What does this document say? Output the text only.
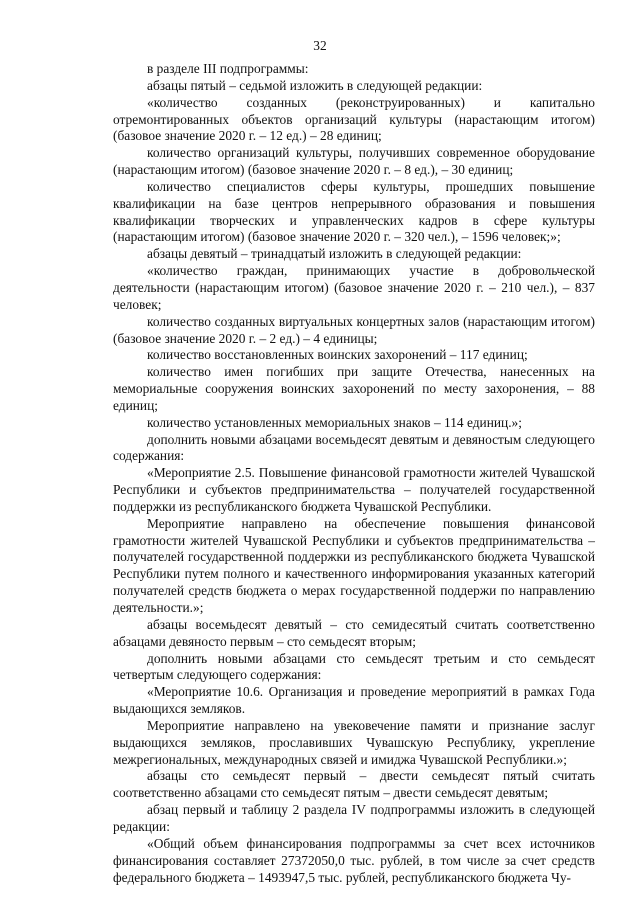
32

в разделе III подпрограммы:

абзацы пятый – седьмой изложить в следующей редакции:

«количество созданных (реконструированных) и капитально отремонтированных объектов организаций культуры (нарастающим итогом) (базовое значение 2020 г. – 12 ед.) – 28 единиц;

количество организаций культуры, получивших современное оборудование (нарастающим итогом) (базовое значение 2020 г. – 8 ед.), – 30 единиц;

количество специалистов сферы культуры, прошедших повышение квалификации на базе центров непрерывного образования и повышения квалификации творческих и управленческих кадров в сфере культуры (нарастающим итогом) (базовое значение 2020 г. – 320 чел.), – 1596 человек;»;

абзацы девятый – тринадцатый изложить в следующей редакции:

«количество граждан, принимающих участие в добровольческой деятельности (нарастающим итогом) (базовое значение 2020 г. – 210 чел.), – 837 человек;

количество созданных виртуальных концертных залов (нарастающим итогом) (базовое значение 2020 г. – 2 ед.) – 4 единицы;

количество восстановленных воинских захоронений – 117 единиц;

количество имен погибших при защите Отечества, нанесенных на мемориальные сооружения воинских захоронений по месту захоронения, – 88 единиц;

количество установленных мемориальных знаков – 114 единиц.»;

дополнить новыми абзацами восемьдесят девятым и девяностым следующего содержания:

«Мероприятие 2.5. Повышение финансовой грамотности жителей Чувашской Республики и субъектов предпринимательства – получателей государственной поддержки из республиканского бюджета Чувашской Республики.

Мероприятие направлено на обеспечение повышения финансовой грамотности жителей Чувашской Республики и субъектов предпринимательства – получателей государственной поддержки из республиканского бюджета Чувашской Республики путем полного и качественного информирования указанных категорий получателей средств бюджета о мерах государственной поддержи по направлению деятельности.»;

абзацы восемьдесят девятый – сто семидесятый считать соответственно абзацами девяносто первым – сто семьдесят вторым;

дополнить новыми абзацами сто семьдесят третьим и сто семьдесят четвертым следующего содержания:

«Мероприятие 10.6. Организация и проведение мероприятий в рамках Года выдающихся земляков.

Мероприятие направлено на увековечение памяти и признание заслуг выдающихся земляков, прославивших Чувашскую Республику, укрепление межрегиональных, международных связей и имиджа Чувашской Республики.»;

абзацы сто семьдесят первый – двести семьдесят пятый считать соответственно абзацами сто семьдесят пятым – двести семьдесят девятым;

абзац первый и таблицу 2 раздела IV подпрограммы изложить в следующей редакции:

«Общий объем финансирования подпрограммы за счет всех источников финансирования составляет 27372050,0 тыс. рублей, в том числе за счет средств федерального бюджета – 1493947,5 тыс. рублей, республиканского бюджета Чу-
